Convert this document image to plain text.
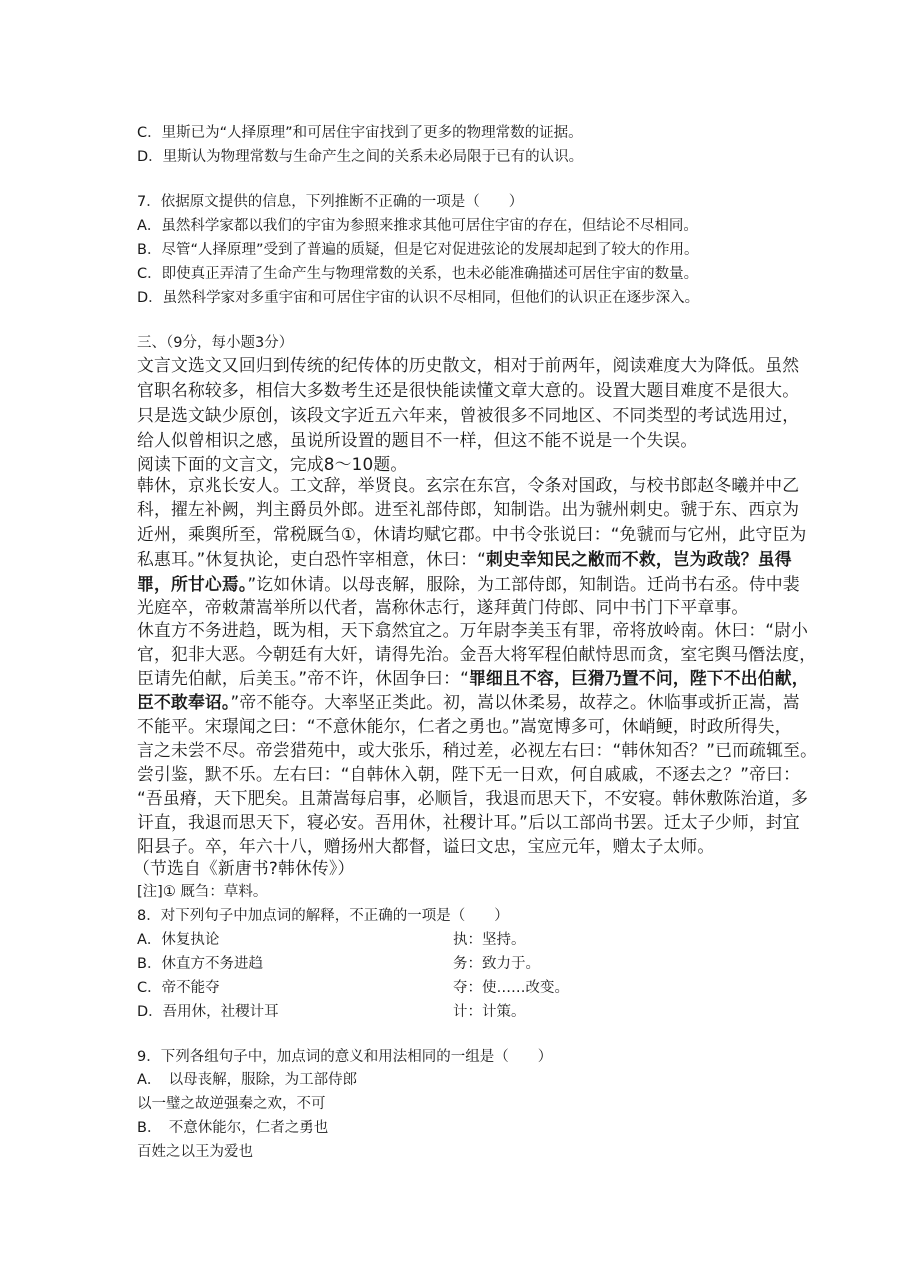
C．里斯已为“人择原理”和可居住宇宙找到了更多的物理常数的证据。
D．里斯认为物理常数与生命产生之间的关系未必局限于已有的认识。
7．依据原文提供的信息，下列推断不正确的一项是（　　）
A．虽然科学家都以我们的宇宙为参照来推求其他可居住宇宙的存在，但结论不尽相同。
B．尽管“人择原理”受到了普遍的质疑，但是它对促进弦论的发展却起到了较大的作用。
C．即使真正弄清了生命产生与物理常数的关系，也未必能准确描述可居住宇宙的数量。
D．虽然科学家对多重宇宙和可居住宇宙的认识不尽相同，但他们的认识正在逐步深入。
三、（9分，每小题3分）
文言文选文又回归到传统的纪传体的历史散文，相对于前两年，阅读难度大为降低。虽然
官职名称较多，相信大多数考生还是很快能读懂文章大意的。设置大题目难度不是很大。
只是选文缺少原创，该段文字近五六年来，曾被很多不同地区、不同类型的考试选用过，
给人似曾相识之感，虽说所设置的题目不一样，但这不能不说是一个失误。
阅读下面的文言文，完成8～10题。
韩休，京兆长安人。工文辞，举贤良。玄宗在东宫，令条对国政，与校书郎赵冬曦并中乙
科，擢左补阙，判主爵员外郎。进至礼部侍郎，知制诰。出为虢州刺史。虢于东、西京为
近州，乘舆所至，常税厩刍①，休请均赋它郡。中书令张说曰：“免虢而与它州，此守臣为
私惠耳。”休复执论，吏白恐忤宰相意，休曰：“刺史幸知民之敝而不救，岂为政哉？虽得
罪，所甘心焉。”讫如休请。以母丧解，服除，为工部侍郎，知制诰。迁尚书右丞。侍中裴
光庭卒，帝敕萧嵩举所以代者，嵩称休志行，遂拜黄门侍郎、同中书门下平章事。
休直方不务进趋，既为相，天下翕然宜之。万年尉李美玉有罪，帝将放岭南。休曰：“尉小
官，犯非大恶。今朝廷有大奸，请得先治。金吾大将军程伯献恃思而贪，室宅舆马僭法度，
臣请先伯献，后美玉。”帝不许，休固争曰：“罪细且不容，巨猾乃置不问，陛下不出伯献，
臣不敢奉诏。”帝不能夺。大率坚正类此。初，嵩以休柔易，故荐之。休临事或折正嵩，嵩
不能平。宋璟闻之曰：“不意休能尔，仁者之勇也。”嵩宽博多可，休峭鲠，时政所得失，
言之未尝不尽。帝尝猎苑中，或大张乐，稍过差，必视左右曰：“韩休知否？”已而疏辄至。
尝引鉴，默不乐。左右曰：“自韩休入朝，陛下无一日欢，何自戚戚，不逐去之？”帝曰：
“吾虽瘠，天下肥矣。且萧嵩每启事，必顺旨，我退而思天下，不安寝。韩休敷陈治道，多
讦直，我退而思天下，寝必安。吾用休，社稷计耳。”后以工部尚书罢。迁太子少师，封宜
阳县子。卒，年六十八，赠扬州大都督，谥曰文忠，宝应元年，赠太子太师。
（节选自《新唐书?韩休传》）
[注]① 厩刍：草料。
8．对下列句子中加点词的解释，不正确的一项是（　　）
A．休复执论	执：坚持。
B．休直方不务进趋	务：致力于。
C．帝不能夺	夺：使……改变。
D．吾用休，社稷计耳	计：计策。
9．下列各组句子中，加点词的意义和用法相同的一组是（　　）
A．　以母丧解，服除，为工部侍郎
以一璧之故逆强秦之欢，不可
B．　不意休能尔，仁者之勇也
百姓之以王为爱也
